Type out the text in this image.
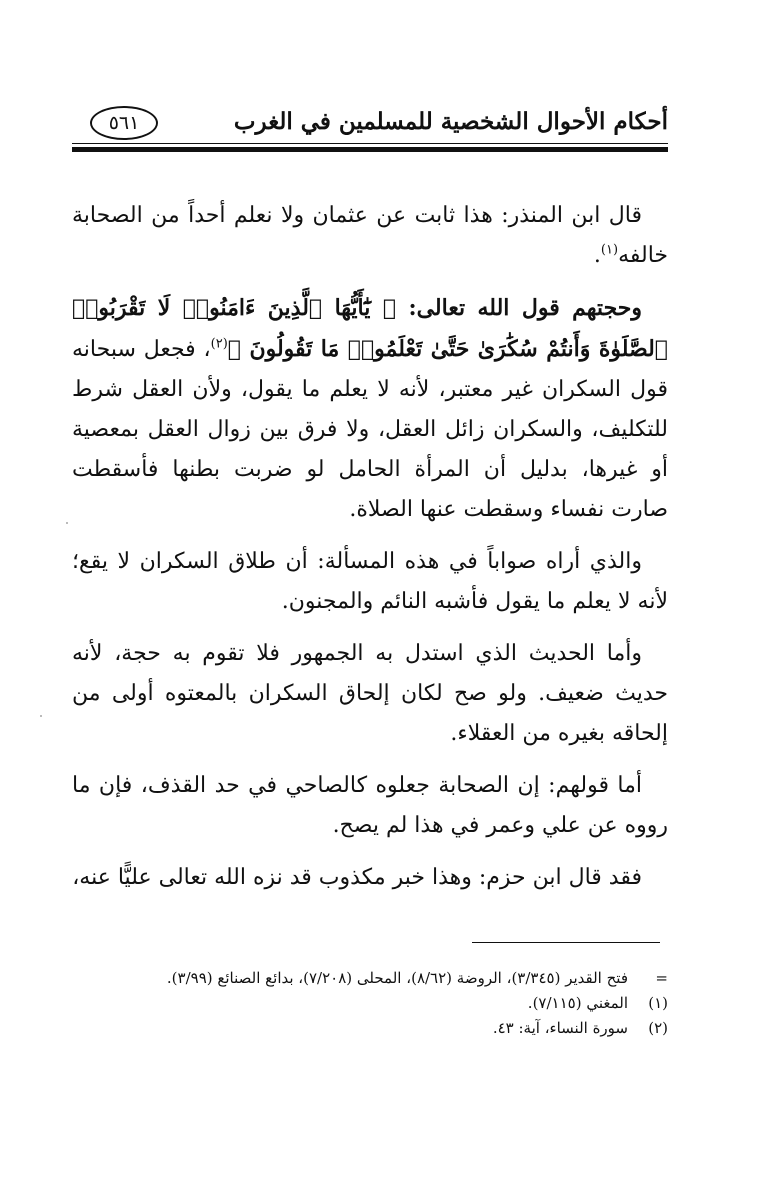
أحكام الأحوال الشخصية للمسلمين في الغرب
٥٦١

قال ابن المنذر: هذا ثابت عن عثمان ولا نعلم أحداً من الصحابة خالفه$^{(١)}$.

وحجتهم قول الله تعالى: ﴿ يَٰٓأَيُّهَا ٱلَّذِينَ ءَامَنُوا۟ لَا تَقْرَبُوا۟ ٱلصَّلَوٰةَ وَأَنتُمْ سُكَٰرَىٰ حَتَّىٰ تَعْلَمُوا۟ مَا تَقُولُونَ ﴾$^{(٢)}$، فجعل سبحانه قول السكران غير معتبر، لأنه لا يعلم ما يقول، ولأن العقل شرط للتكليف، والسكران زائل العقل، ولا فرق بين زوال العقل بمعصية أو غيرها، بدليل أن المرأة الحامل لو ضربت بطنها فأسقطت صارت نفساء وسقطت عنها الصلاة.

والذي أراه صواباً في هذه المسألة: أن طلاق السكران لا يقع؛ لأنه لا يعلم ما يقول فأشبه النائم والمجنون.

وأما الحديث الذي استدل به الجمهور فلا تقوم به حجة، لأنه حديث ضعيف. ولو صح لكان إلحاق السكران بالمعتوه أولى من إلحاقه بغيره من العقلاء.

أما قولهم: إن الصحابة جعلوه كالصاحي في حد القذف، فإن ما رووه عن علي وعمر في هذا لم يصح.

فقد قال ابن حزم: وهذا خبر مكذوب قد نزه الله تعالى عليًّا عنه،

=
فتح القدير (٣/٣٤٥)، الروضة (٨/٦٢)، المحلى (٧/٢٠٨)، بدائع الصنائع (٣/٩٩).
(١)
المغني (٧/١١٥).
(٢)
سورة النساء، آية: ٤٣.
